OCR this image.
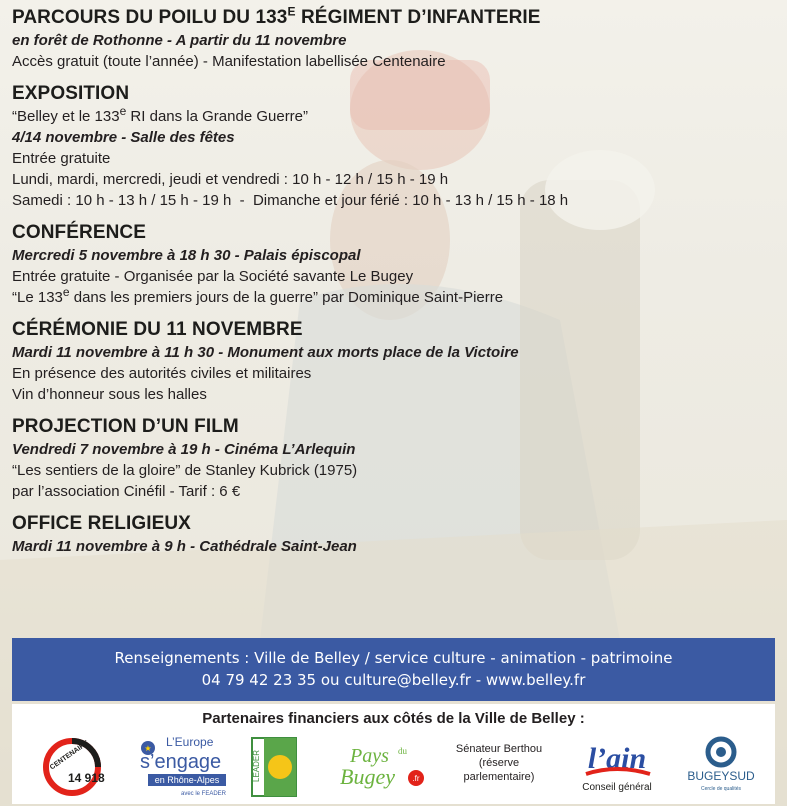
PARCOURS DU POILU DU $133^E$ RÉGIMENT D’INFANTERIE
en forêt de Rothonne - A partir du 11 novembre
Accès gratuit (toute l’année) - Manifestation labellisée Centenaire
EXPOSITION
“Belley et le 133e RI dans la Grande Guerre”
4/14 novembre - Salle des fêtes
Entrée gratuite
Lundi, mardi, mercredi, jeudi et vendredi : 10 h - 12 h / 15 h - 19 h
Samedi : 10 h - 13 h / 15 h - 19 h  -  Dimanche et jour férié : 10 h - 13 h / 15 h - 18 h
CONFÉRENCE
Mercredi 5 novembre à 18 h 30 - Palais épiscopal
Entrée gratuite - Organisée par la Société savante Le Bugey
“Le 133e dans les premiers jours de la guerre” par Dominique Saint-Pierre
CÉRÉMONIE DU 11 NOVEMBRE
Mardi 11 novembre à 11 h 30 - Monument aux morts place de la Victoire
En présence des autorités civiles et militaires
Vin d’honneur sous les halles
PROJECTION D’UN FILM
Vendredi 7 novembre à 19 h - Cinéma L’Arlequin
“Les sentiers de la gloire” de Stanley Kubrick (1975)
par l’association Cinéfil - Tarif : 6 €
OFFICE RELIGIEUX
Mardi 11 novembre à 9 h - Cathédrale Saint-Jean
Renseignements : Ville de Belley / service culture - animation - patrimoine
04 79 42 23 35 ou culture@belley.fr - www.belley.fr
Partenaires financiers aux côtés de la Ville de Belley :
CENTENAIRE
14 918
★ L’Europe
s’engage
en Rhône-Alpes
avec le FEADER
LEADER	Pays du
Bugey .fr
Sénateur Berthou
(réserve
parlementaire)
l’ain
Conseil général
BUGEYSUD
Cercle de qualités
